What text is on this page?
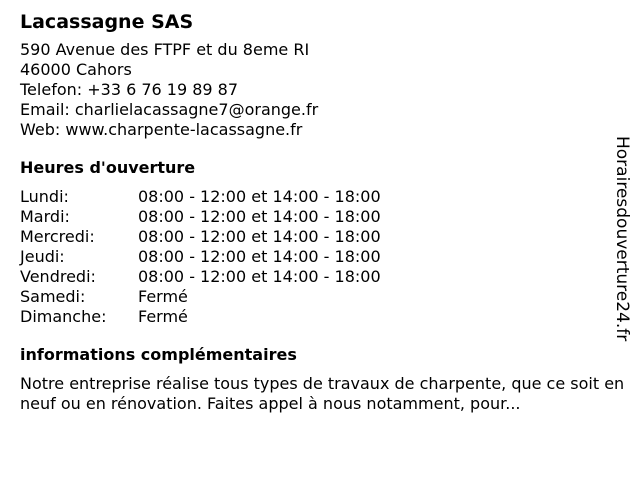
Lacassagne SAS
590 Avenue des FTPF et du 8eme RI
46000 Cahors
Telefon: +33 6 76 19 89 87
Email: charlielacassagne7@orange.fr
Web: www.charpente-lacassagne.fr
Heures d'ouverture
Lundi:	08:00 - 12:00 et 14:00 - 18:00
Mardi:	08:00 - 12:00 et 14:00 - 18:00
Mercredi:	08:00 - 12:00 et 14:00 - 18:00
Jeudi:	08:00 - 12:00 et 14:00 - 18:00
Vendredi:	08:00 - 12:00 et 14:00 - 18:00
Samedi:	Fermé
Dimanche:	Fermé
informations complémentaires
Notre entreprise réalise tous types de travaux de charpente, que ce soit en neuf ou en rénovation. Faites appel à nous notamment, pour...
Horairesdouverture24.fr
